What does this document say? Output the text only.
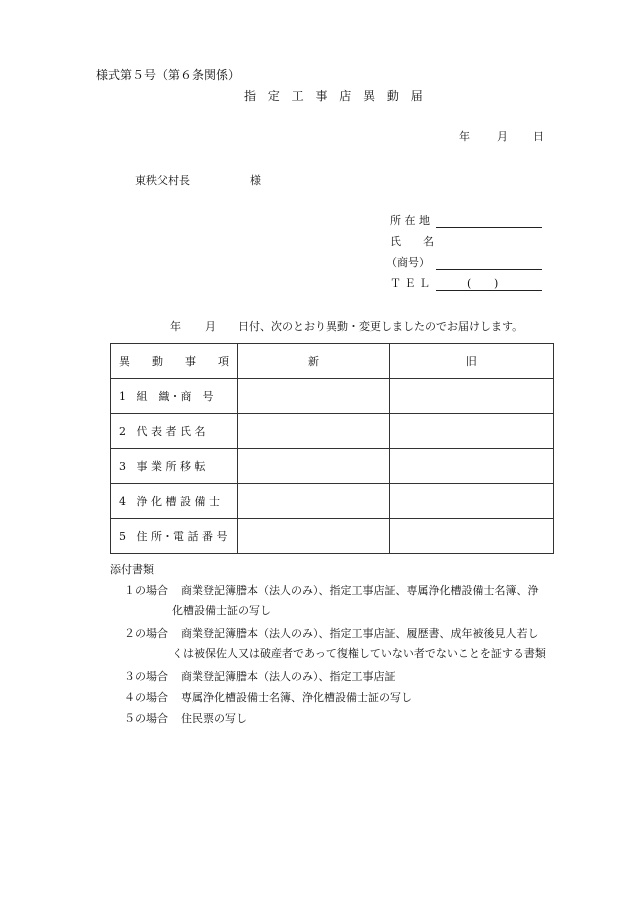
様式第５号（第６条関係）
指 定 工 事 店 異 動 届
年 月 日
東秩父村長	様
所 在 地
氏　　名
（商号）
Ｔ Ｅ Ｌ	( )
年 月 日付、次のとおり異動・変更しましたのでお届けします。
異　　動　　事　　項	新	旧
1 組　織・商　号		
2 代 表 者 氏 名		
3 事 業 所 移 転		
4 浄 化 槽 設 備 士		
5 住 所・電 話 番 号		
添付書類
１の場合 商業登記簿謄本（法人のみ）、指定工事店証、専属浄化槽設備士名簿、浄
化槽設備士証の写し
２の場合 商業登記簿謄本（法人のみ）、指定工事店証、履歴書、成年被後見人若し
くは被保佐人又は破産者であって復権していない者でないことを証する書類
３の場合 商業登記簿謄本（法人のみ）、指定工事店証
４の場合 専属浄化槽設備士名簿、浄化槽設備士証の写し
５の場合 住民票の写し
